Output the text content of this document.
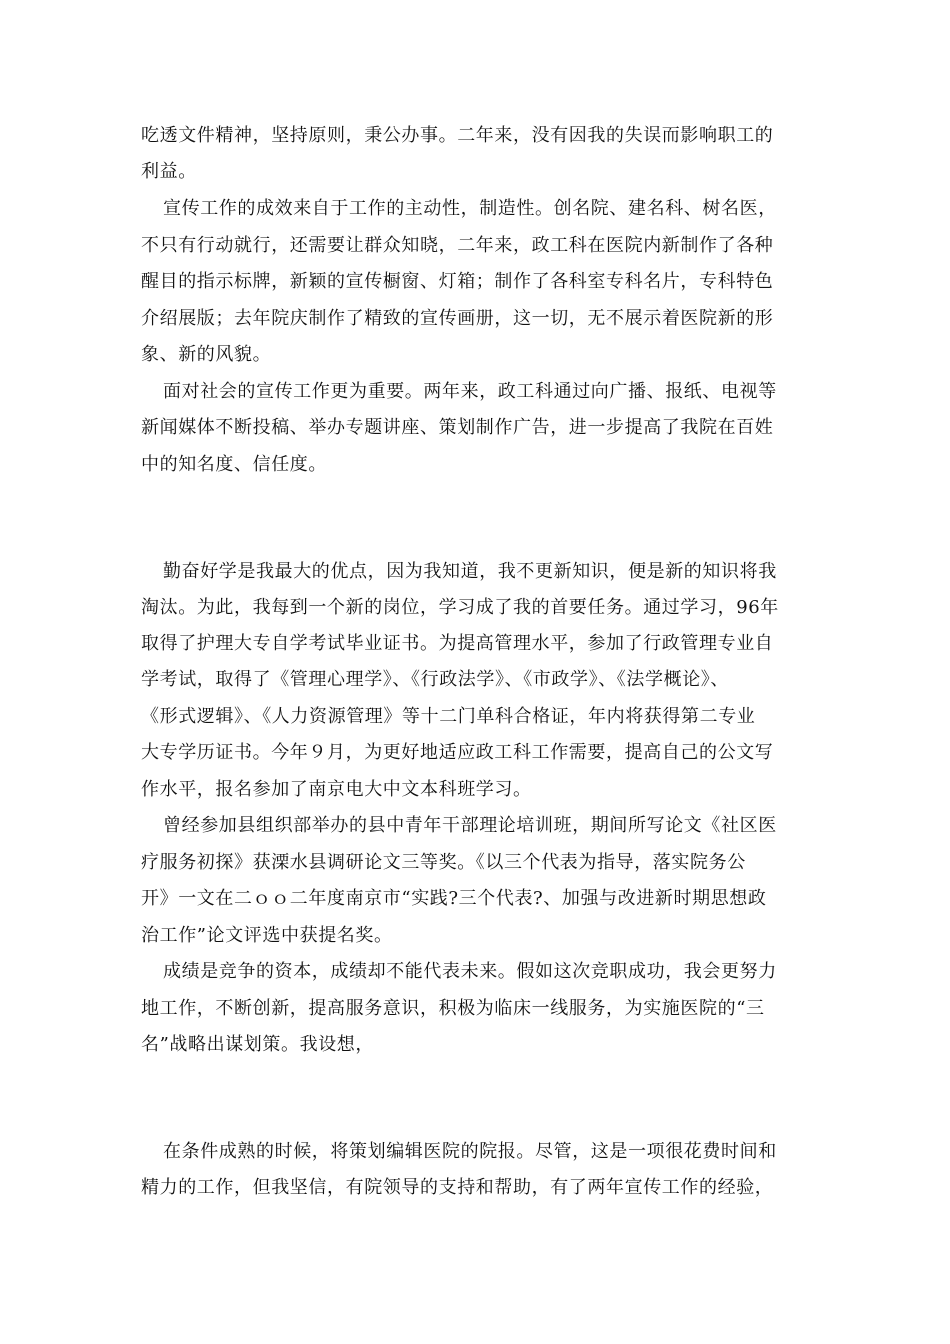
吃透文件精神，坚持原则，秉公办事。二年来，没有因我的失误而影响职工的
利益。
宣传工作的成效来自于工作的主动性，制造性。创名院、建名科、树名医，
不只有行动就行，还需要让群众知晓，二年来，政工科在医院内新制作了各种
醒目的指示标牌，新颖的宣传橱窗、灯箱；制作了各科室专科名片，专科特色
介绍展版；去年院庆制作了精致的宣传画册，这一切，无不展示着医院新的形
象、新的风貌。
面对社会的宣传工作更为重要。两年来，政工科通过向广播、报纸、电视等
新闻媒体不断投稿、举办专题讲座、策划制作广告，进一步提高了我院在百姓
中的知名度、信任度。
勤奋好学是我最大的优点，因为我知道，我不更新知识，便是新的知识将我
淘汰。为此，我每到一个新的岗位，学习成了我的首要任务。通过学习，96年
取得了护理大专自学考试毕业证书。为提高管理水平，参加了行政管理专业自
学考试，取得了《管理心理学》、《行政法学》、《市政学》、《法学概论》、
《形式逻辑》、《人力资源管理》等十二门单科合格证，年内将获得第二专业
大专学历证书。今年９月，为更好地适应政工科工作需要，提高自己的公文写
作水平，报名参加了南京电大中文本科班学习。
曾经参加县组织部举办的县中青年干部理论培训班，期间所写论文《社区医
疗服务初探》获溧水县调研论文三等奖。《以三个代表为指导，落实院务公
开》一文在二ｏｏ二年度南京市“实践?三个代表?、加强与改进新时期思想政
治工作”论文评选中获提名奖。
成绩是竞争的资本，成绩却不能代表未来。假如这次竞职成功，我会更努力
地工作，不断创新，提高服务意识，积极为临床一线服务，为实施医院的“三
名”战略出谋划策。我设想，
在条件成熟的时候，将策划编辑医院的院报。尽管，这是一项很花费时间和
精力的工作，但我坚信，有院领导的支持和帮助，有了两年宣传工作的经验，
